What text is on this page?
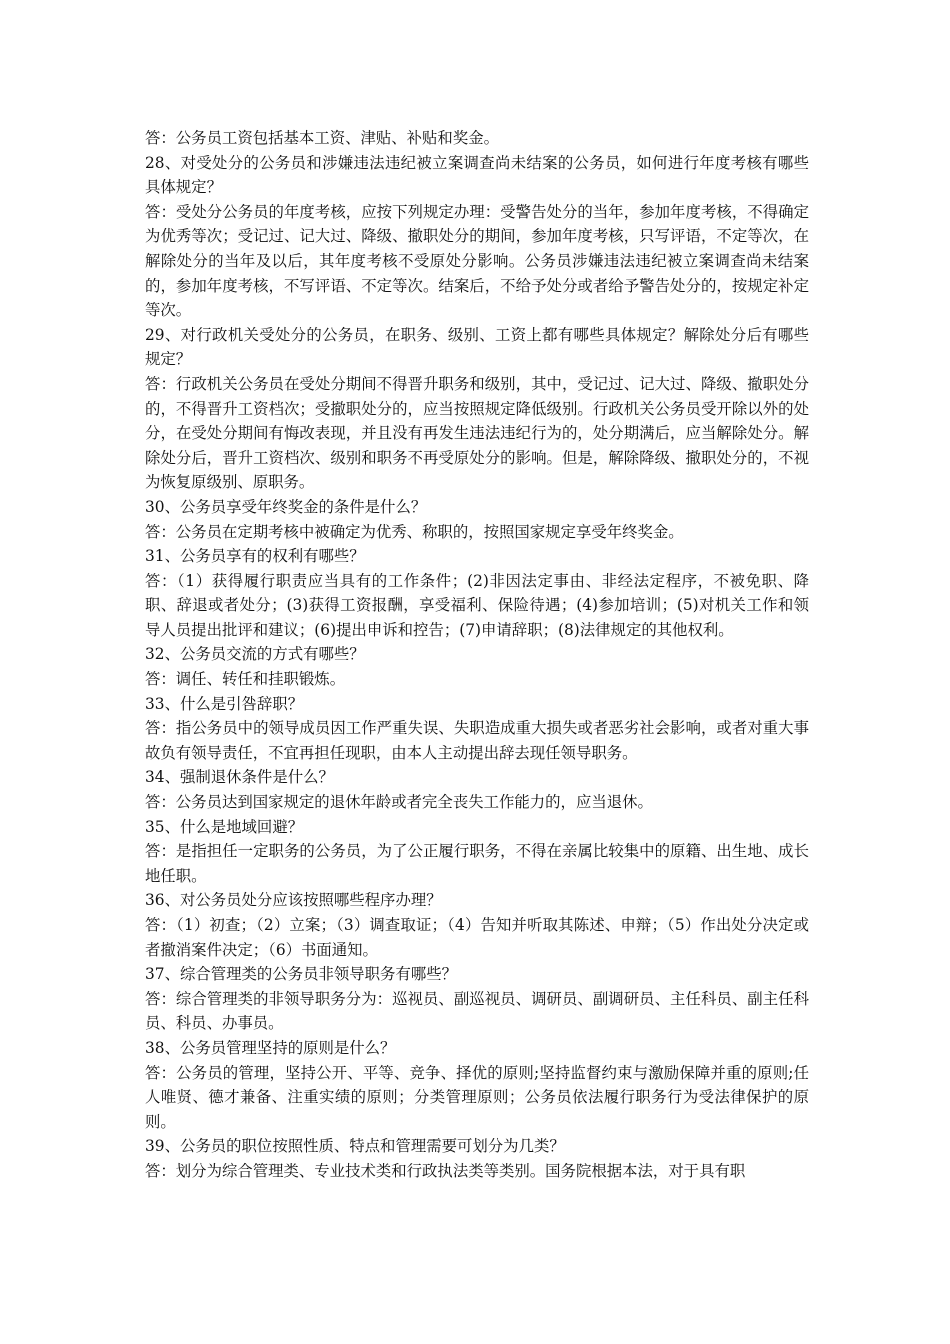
答：公务员工资包括基本工资、津贴、补贴和奖金。

28、对受处分的公务员和涉嫌违法违纪被立案调查尚未结案的公务员，如何进行年度考核有哪些具体规定？

答：受处分公务员的年度考核，应按下列规定办理：受警告处分的当年，参加年度考核，不得确定为优秀等次；受记过、记大过、降级、撤职处分的期间，参加年度考核，只写评语，不定等次，在解除处分的当年及以后，其年度考核不受原处分影响。公务员涉嫌违法违纪被立案调查尚未结案的，参加年度考核，不写评语、不定等次。结案后，不给予处分或者给予警告处分的，按规定补定等次。

29、对行政机关受处分的公务员，在职务、级别、工资上都有哪些具体规定？解除处分后有哪些规定？

答：行政机关公务员在受处分期间不得晋升职务和级别，其中，受记过、记大过、降级、撤职处分的，不得晋升工资档次；受撤职处分的，应当按照规定降低级别。行政机关公务员受开除以外的处分，在受处分期间有悔改表现，并且没有再发生违法违纪行为的，处分期满后，应当解除处分。解除处分后，晋升工资档次、级别和职务不再受原处分的影响。但是，解除降级、撤职处分的，不视为恢复原级别、原职务。

30、公务员享受年终奖金的条件是什么？

答：公务员在定期考核中被确定为优秀、称职的，按照国家规定享受年终奖金。

31、公务员享有的权利有哪些？

答：（1）获得履行职责应当具有的工作条件；(2)非因法定事由、非经法定程序，不被免职、降职、辞退或者处分；(3)获得工资报酬，享受福利、保险待遇；(4)参加培训；(5)对机关工作和领导人员提出批评和建议；(6)提出申诉和控告；(7)申请辞职；(8)法律规定的其他权利。

32、公务员交流的方式有哪些？

答：调任、转任和挂职锻炼。

33、什么是引咎辞职？

答：指公务员中的领导成员因工作严重失误、失职造成重大损失或者恶劣社会影响，或者对重大事故负有领导责任，不宜再担任现职，由本人主动提出辞去现任领导职务。

34、强制退休条件是什么？

答：公务员达到国家规定的退休年龄或者完全丧失工作能力的，应当退休。

35、什么是地域回避？

答：是指担任一定职务的公务员，为了公正履行职务，不得在亲属比较集中的原籍、出生地、成长地任职。

36、对公务员处分应该按照哪些程序办理？

答：（1）初查；（2）立案；（3）调查取证；（4）告知并听取其陈述、申辩；（5）作出处分决定或者撤消案件决定；（6）书面通知。

37、综合管理类的公务员非领导职务有哪些？

答：综合管理类的非领导职务分为：巡视员、副巡视员、调研员、副调研员、主任科员、副主任科员、科员、办事员。

38、公务员管理坚持的原则是什么？

答：公务员的管理，坚持公开、平等、竞争、择优的原则;坚持监督约束与激励保障并重的原则;任人唯贤、德才兼备、注重实绩的原则；分类管理原则；公务员依法履行职务行为受法律保护的原则。

39、公务员的职位按照性质、特点和管理需要可划分为几类？

答：划分为综合管理类、专业技术类和行政执法类等类别。国务院根据本法，对于具有职
